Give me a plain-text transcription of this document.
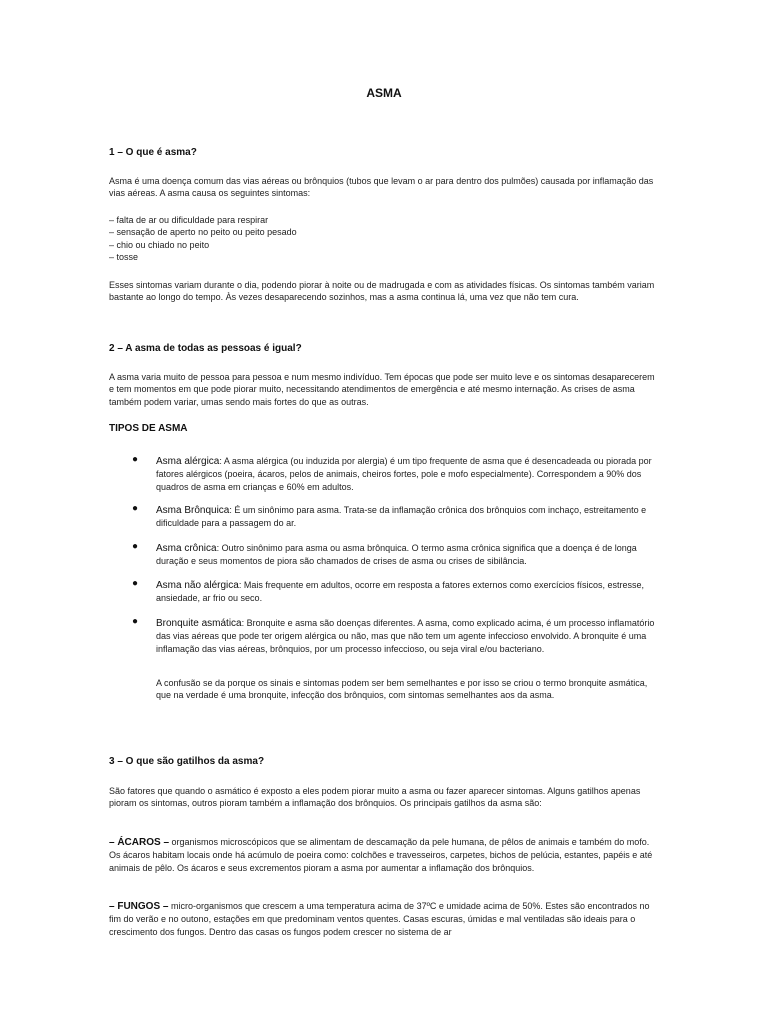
ASMA
1 – O que é asma?
Asma é uma doença comum das vias aéreas ou brônquios (tubos que levam o ar para dentro dos pulmões) causada por inflamação das vias aéreas. A asma causa os seguintes sintomas:
– falta de ar ou dificuldade para respirar
– sensação de aperto no peito ou peito pesado
– chio ou chiado no peito
– tosse
Esses sintomas variam durante o dia, podendo piorar à noite ou de madrugada e com as atividades físicas. Os sintomas também variam bastante ao longo do tempo. Às vezes desaparecendo sozinhos, mas a asma continua lá, uma vez que não tem cura.
2 – A asma de todas as pessoas é igual?
A asma varia muito de pessoa para pessoa e num mesmo indivíduo. Tem épocas que pode ser muito leve e os sintomas desaparecerem e tem momentos em que pode piorar muito, necessitando atendimentos de emergência e até mesmo internação. As crises de asma também podem variar, umas sendo mais fortes do que as outras.
TIPOS DE ASMA
● Asma alérgica: A asma alérgica (ou induzida por alergia) é um tipo frequente de asma que é desencadeada ou piorada por fatores alérgicos (poeira, ácaros, pelos de animais, cheiros fortes, pole e mofo especialmente). Correspondem a 90% dos quadros de asma em crianças e 60% em adultos.
● Asma Brônquica: É um sinônimo para asma. Trata-se da inflamação crônica dos brônquios com inchaço, estreitamento e dificuldade para a passagem do ar.
● Asma crônica: Outro sinônimo para asma ou asma brônquica. O termo asma crônica significa que a doença é de longa duração e seus momentos de piora são chamados de crises de asma ou crises de sibilância.
● Asma não alérgica: Mais frequente em adultos, ocorre em resposta a fatores externos como exercícios físicos, estresse, ansiedade, ar frio ou seco.
● Bronquite asmática: Bronquite e asma são doenças diferentes. A asma, como explicado acima, é um processo inflamatório das vias aéreas que pode ter origem alérgica ou não, mas que não tem um agente infeccioso envolvido. A bronquite é uma inflamação das vias aéreas, brônquios, por um processo infeccioso, ou seja viral e/ou bacteriano.
A confusão se da porque os sinais e sintomas podem ser bem semelhantes e por isso se criou o termo bronquite asmática, que na verdade é uma bronquite, infecção dos brônquios, com sintomas semelhantes aos da asma.
3 – O que são gatilhos da asma?
São fatores que quando o asmático é exposto a eles podem piorar muito a asma ou fazer aparecer sintomas. Alguns gatilhos apenas pioram os sintomas, outros pioram também a inflamação dos brônquios. Os principais gatilhos da asma são:
– ÁCAROS – organismos microscópicos que se alimentam de descamação da pele humana, de pêlos de animais e também do mofo. Os ácaros habitam locais onde há acúmulo de poeira como: colchões e travesseiros, carpetes, bichos de pelúcia, estantes, papéis e até animais de pêlo. Os ácaros e seus excrementos pioram a asma por aumentar a inflamação dos brônquios.
– FUNGOS – micro-organismos que crescem a uma temperatura acima de 37ºC e umidade acima de 50%. Estes são encontrados no fim do verão e no outono, estações em que predominam ventos quentes. Casas escuras, úmidas e mal ventiladas são ideais para o crescimento dos fungos. Dentro das casas os fungos podem crescer no sistema de ar
